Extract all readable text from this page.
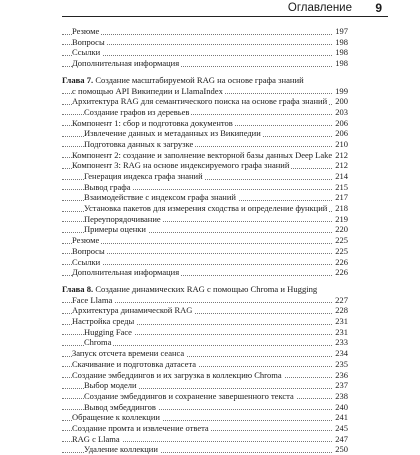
Оглавление 9
Резюме	197
Вопросы	198
Ссылки	198
Дополнительная информация	198
Глава 7. Создание масштабируемой RAG на основе графа знаний
с помощью API Википедии и LlamaIndex	199
Архитектура RAG для семантического поиска на основе графа знаний 200
Создание графов из деревьев	203
Компонент 1: сбор и подготовка документов	206
Извлечение данных и метаданных из Википедии	206
Подготовка данных к загрузке	210
Компонент 2: создание и заполнение векторной базы данных Deep Lake 212
Компонент 3: RAG на основе индексируемого графа знаний	212
Генерация индекса графа знаний	214
Вывод графа	215
Взаимодействие с индексом графа знаний	217
Установка пакетов для измерения сходства и определение функций 218
Переупорядочивание	219
Примеры оценки	220
Резюме	225
Вопросы	225
Ссылки	226
Дополнительная информация	226
Глава 8. Создание динамических RAG с помощью Chroma и Hugging
Face Llama	227
Архитектура динамической RAG	228
Настройка среды	231
Hugging Face	231
Chroma	233
Запуск отсчета времени сеанса	234
Скачивание и подготовка датасета	235
Создание эмбеддингов и их загрузка в коллекцию Chroma	236
Выбор модели	237
Создание эмбеддингов и сохранение завершенного текста	238
Вывод эмбеддингов	240
Обращение к коллекции	241
Создание промта и извлечение ответа	245
RAG с Llama	247
Удаление коллекции	250
